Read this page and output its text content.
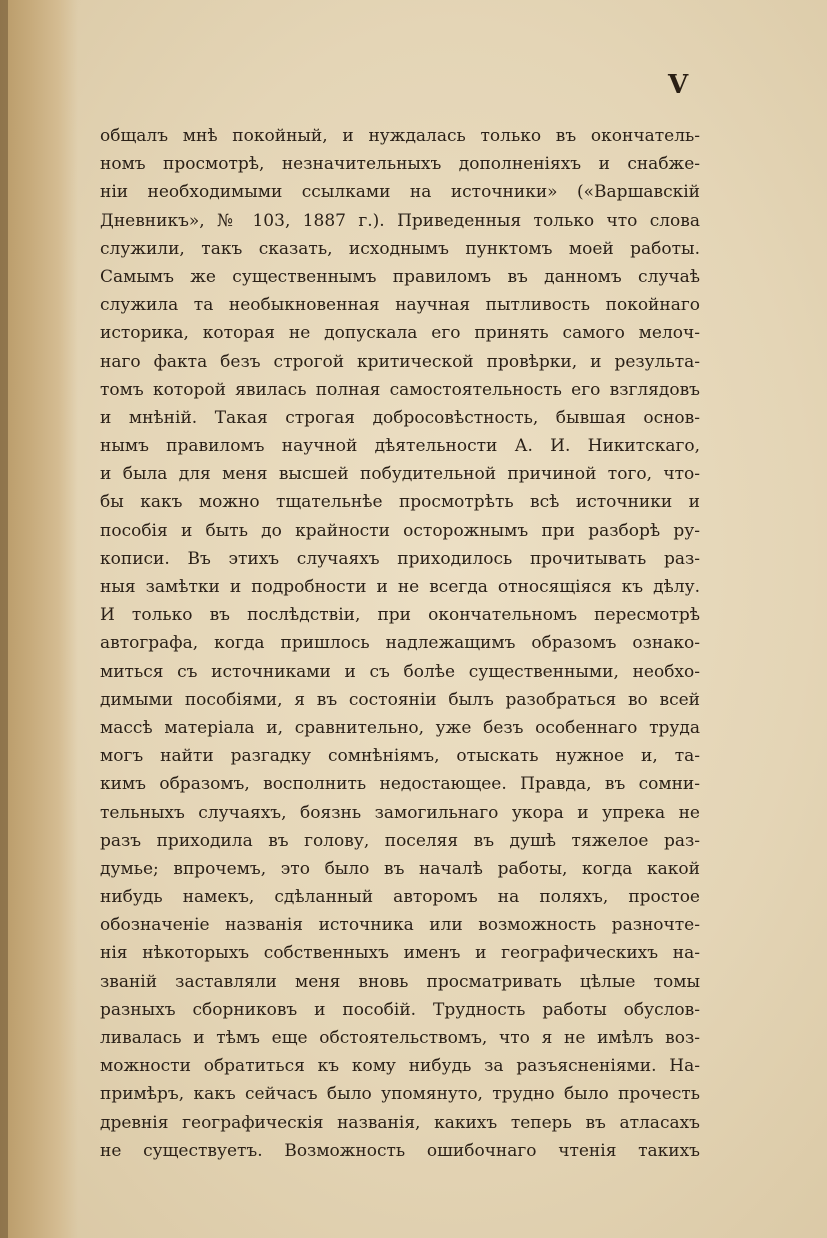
V
общалъ мнѣ покойный, и нуждалась только въ окончатель-
номъ просмотрѣ, незначительныхъ дополненіяхъ и снабже-
ніи необходимыми ссылками на источники» («Варшавскій
Дневникъ», № 103, 1887 г.). Приведенныя только что слова
служили, такъ сказать, исходнымъ пунктомъ моей работы.
Самымъ же существеннымъ правиломъ въ данномъ случаѣ
служила та необыкновенная научная пытливость покойнаго
историка, которая не допускала его принять самого мелоч-
наго факта безъ строгой критической провѣрки, и результа-
томъ которой явилась полная самостоятельность его взглядовъ
и мнѣній. Такая строгая добросовѣстность, бывшая основ-
нымъ правиломъ научной дѣятельности А. И. Никитскаго,
и была для меня высшей побудительной причиной того, что-
бы какъ можно тщательнѣе просмотрѣть всѣ источники и
пособія и быть до крайности осторожнымъ при разборѣ ру-
кописи. Въ этихъ случаяхъ приходилось прочитывать раз-
ныя замѣтки и подробности и не всегда относящіяся къ дѣлу.
И только въ послѣдствіи, при окончательномъ пересмотрѣ
автографа, когда пришлось надлежащимъ образомъ ознако-
миться съ источниками и съ болѣе существенными, необхо-
димыми пособіями, я въ состояніи былъ разобраться во всей
массѣ матеріала и, сравнительно, уже безъ особеннаго труда
могъ найти разгадку сомнѣніямъ, отыскать нужное и, та-
кимъ образомъ, восполнить недостающее. Правда, въ сомни-
тельныхъ случаяхъ, боязнь замогильнаго укора и упрека не
разъ приходила въ голову, поселяя въ душѣ тяжелое раз-
думье; впрочемъ, это было въ началѣ работы, когда какой
нибудь намекъ, сдѣланный авторомъ на поляхъ, простое
обозначеніе названія источника или возможность разночте-
нія нѣкоторыхъ собственныхъ именъ и географическихъ на-
званій заставляли меня вновь просматривать цѣлые томы
разныхъ сборниковъ и пособій. Трудность работы обуслов-
ливалась и тѣмъ еще обстоятельствомъ, что я не имѣлъ воз-
можности обратиться къ кому нибудь за разъясненіями. На-
примѣръ, какъ сейчасъ было упомянуто, трудно было прочесть
древнія географическія названія, какихъ теперь въ атласахъ
не существуетъ. Возможность ошибочнаго чтенія такихъ
